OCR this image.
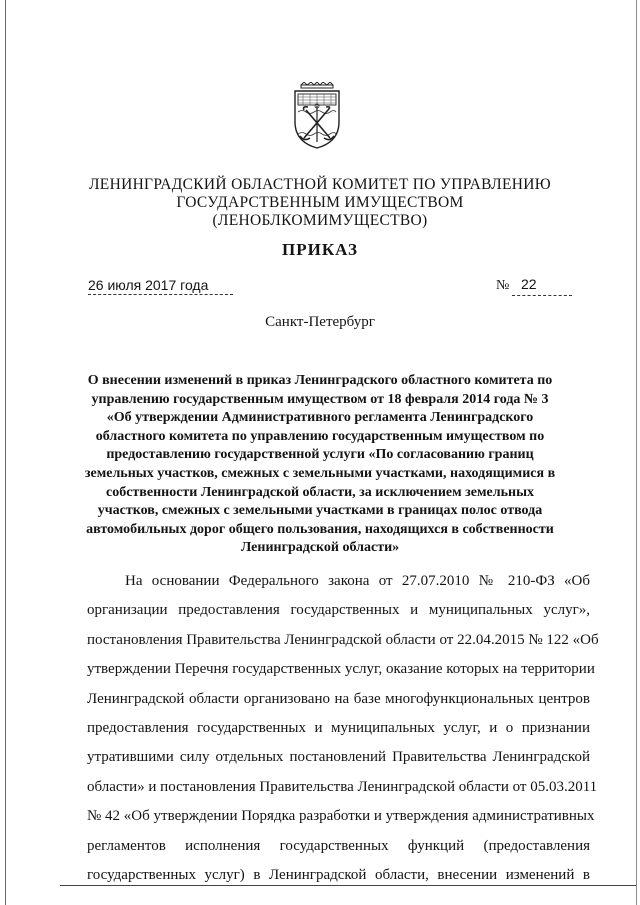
ЛЕНИНГРАДСКИЙ ОБЛАСТНОЙ КОМИТЕТ ПО УПРАВЛЕНИЮ
ГОСУДАРСТВЕННЫМ ИМУЩЕСТВОМ
(ЛЕНОБЛКОМИМУЩЕСТВО)
ПРИКАЗ
26 июля 2017 года	№ 22
Санкт-Петербург
О внесении изменений в приказ Ленинградского областного комитета по
управлению государственным имуществом от 18 февраля 2014 года № 3
«Об утверждении Административного регламента Ленинградского
областного комитета по управлению государственным имуществом по
предоставлению государственной услуги «По согласованию границ
земельных участков, смежных с земельными участками, находящимися в
собственности Ленинградской области, за исключением земельных
участков, смежных с земельными участками в границах полос отвода
автомобильных дорог общего пользования, находящихся в собственности
Ленинградской области»
На основании Федерального закона от 27.07.2010 № 210-ФЗ «Об
организации предоставления государственных и муниципальных услуг»,
постановления Правительства Ленинградской области от 22.04.2015 № 122 «Об
утверждении Перечня государственных услуг, оказание которых на территории
Ленинградской области организовано на базе многофункциональных центров
предоставления государственных и муниципальных услуг, и о признании
утратившими силу отдельных постановлений Правительства Ленинградской
области» и постановления Правительства Ленинградской области от 05.03.2011
№ 42 «Об утверждении Порядка разработки и утверждения административных
регламентов исполнения государственных функций (предоставления
государственных услуг) в Ленинградской области, внесении изменений в
